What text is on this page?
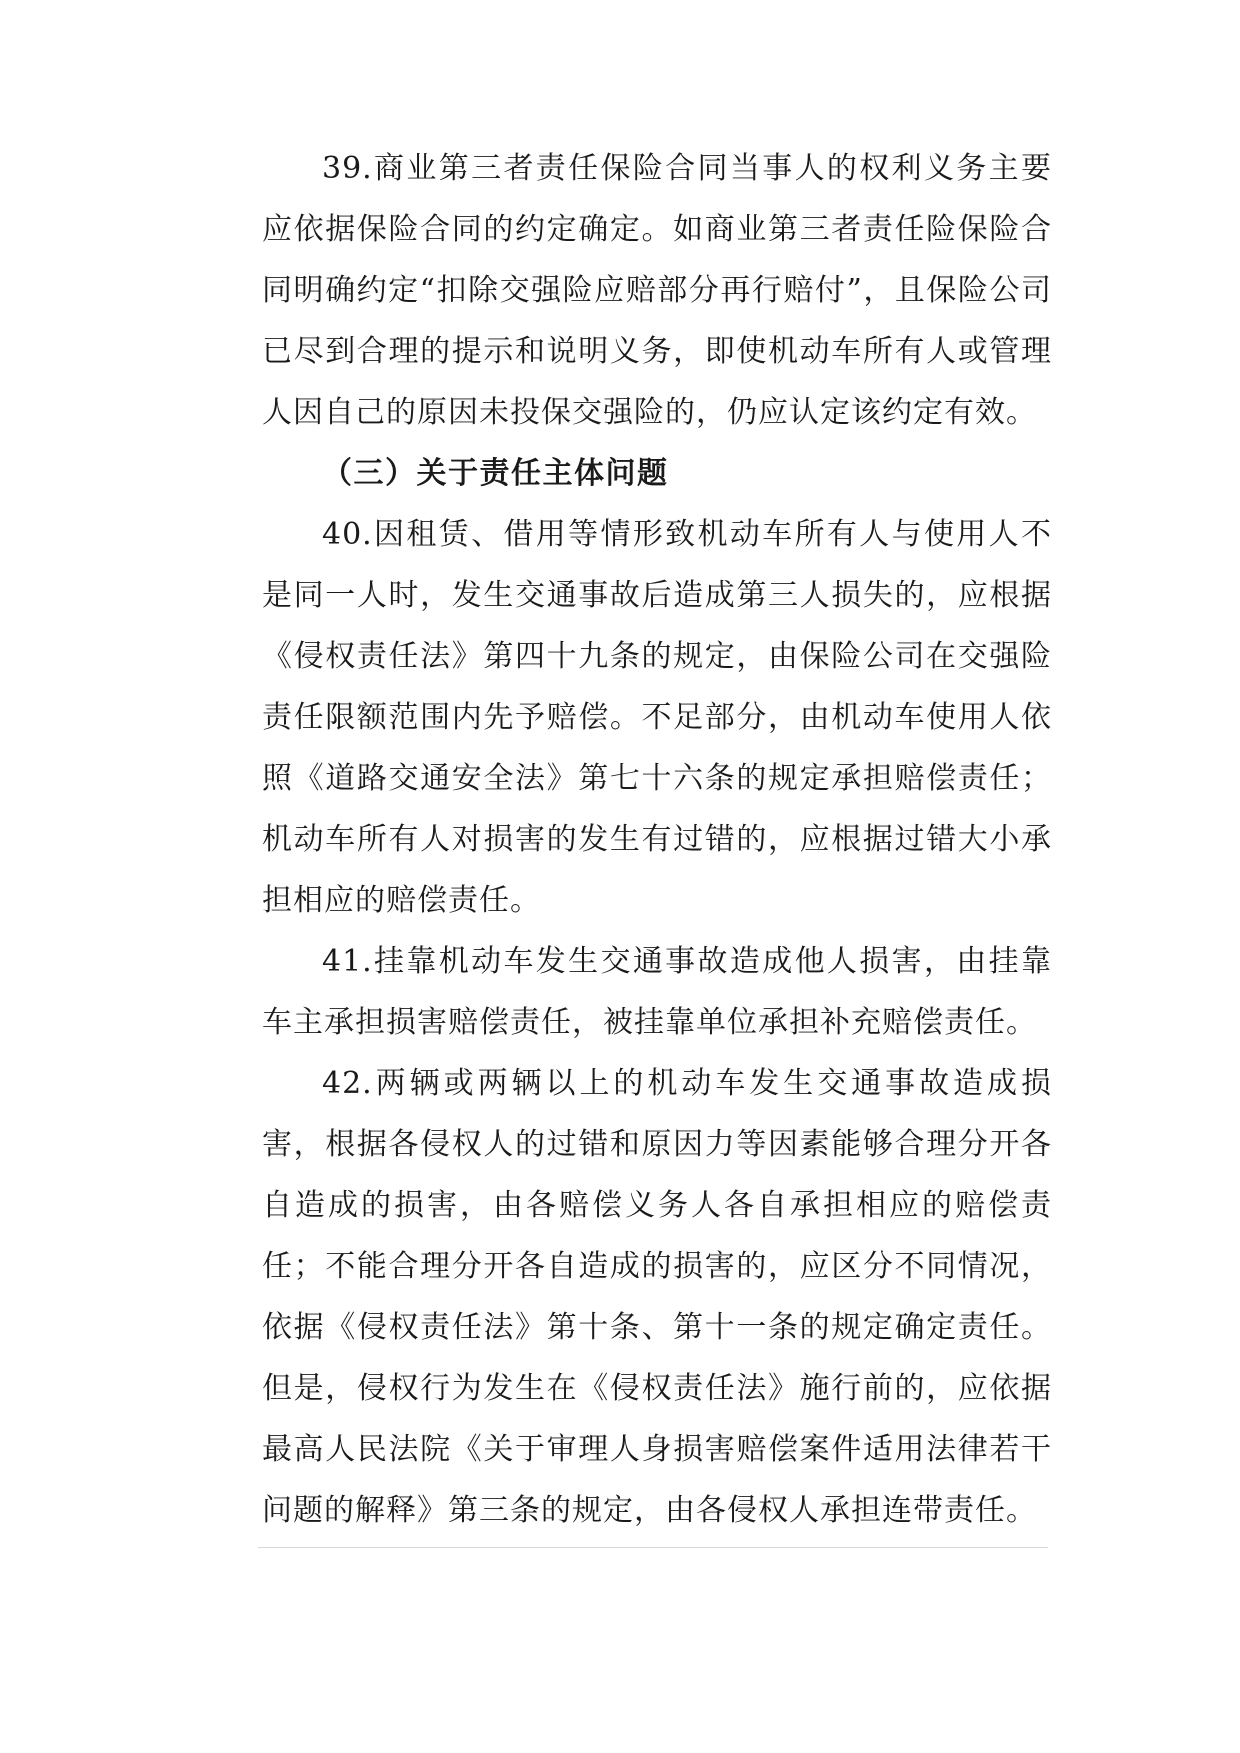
39.商业第三者责任保险合同当事人的权利义务主要应依据保险合同的约定确定。如商业第三者责任险保险合同明确约定“扣除交强险应赔部分再行赔付”，且保险公司已尽到合理的提示和说明义务，即使机动车所有人或管理人因自己的原因未投保交强险的，仍应认定该约定有效。

（三）关于责任主体问题

40.因租赁、借用等情形致机动车所有人与使用人不是同一人时，发生交通事故后造成第三人损失的，应根据《侵权责任法》第四十九条的规定，由保险公司在交强险责任限额范围内先予赔偿。不足部分，由机动车使用人依照《道路交通安全法》第七十六条的规定承担赔偿责任；机动车所有人对损害的发生有过错的，应根据过错大小承担相应的赔偿责任。

41.挂靠机动车发生交通事故造成他人损害，由挂靠车主承担损害赔偿责任，被挂靠单位承担补充赔偿责任。

42.两辆或两辆以上的机动车发生交通事故造成损害，根据各侵权人的过错和原因力等因素能够合理分开各自造成的损害，由各赔偿义务人各自承担相应的赔偿责任；不能合理分开各自造成的损害的，应区分不同情况，依据《侵权责任法》第十条、第十一条的规定确定责任。但是，侵权行为发生在《侵权责任法》施行前的，应依据最高人民法院《关于审理人身损害赔偿案件适用法律若干问题的解释》第三条的规定，由各侵权人承担连带责任。
